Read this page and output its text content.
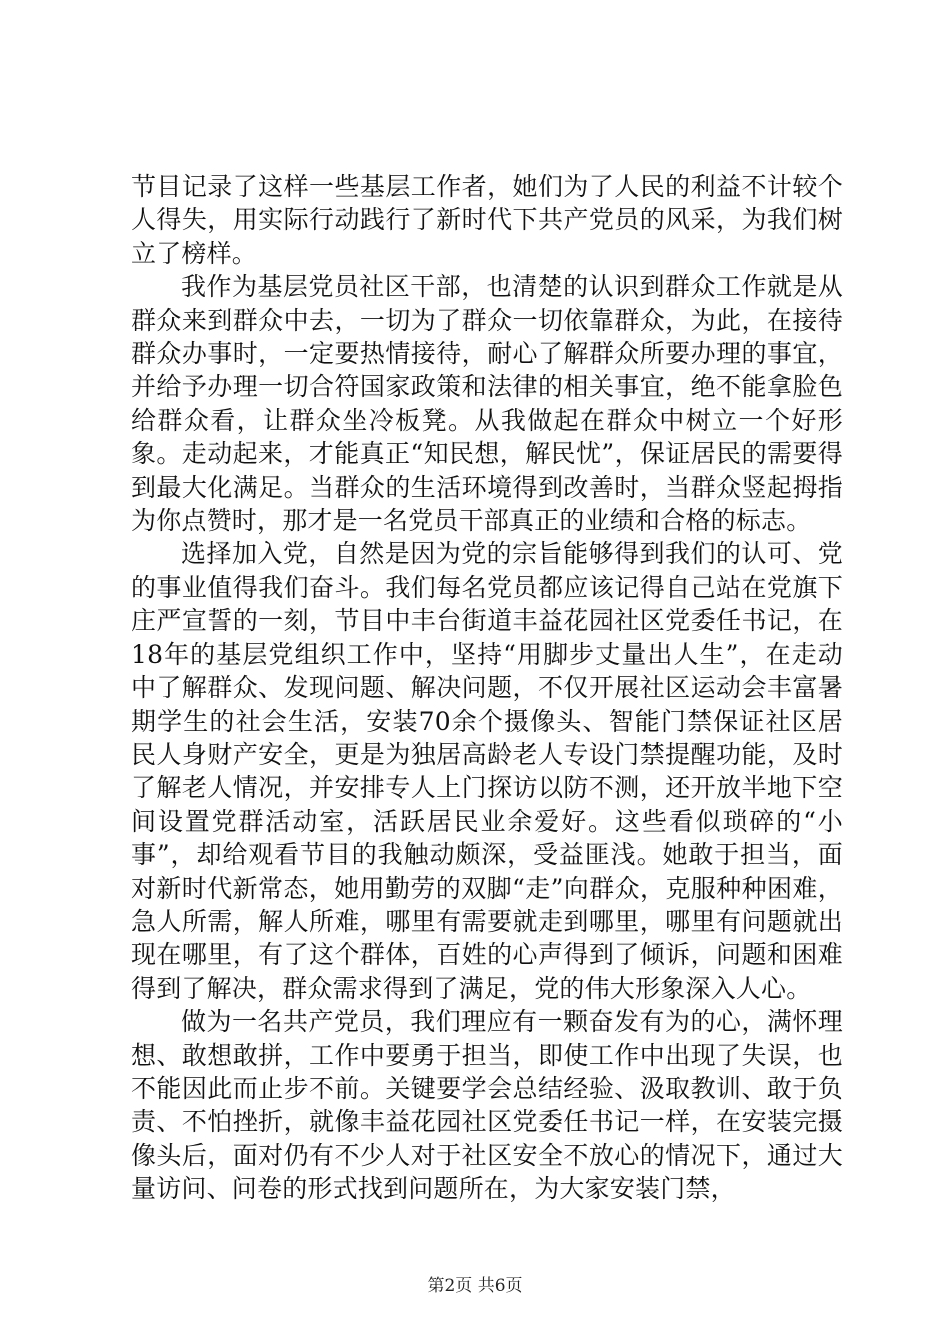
节目记录了这样一些基层工作者，她们为了人民的利益不计较个人得失，用实际行动践行了新时代下共产党员的风采，为我们树立了榜样。

我作为基层党员社区干部，也清楚的认识到群众工作就是从群众来到群众中去，一切为了群众一切依靠群众，为此，在接待群众办事时，一定要热情接待，耐心了解群众所要办理的事宜，并给予办理一切合符国家政策和法律的相关事宜，绝不能拿脸色给群众看，让群众坐冷板凳。从我做起在群众中树立一个好形象。走动起来，才能真正“知民想，解民忧”，保证居民的需要得到最大化满足。当群众的生活环境得到改善时，当群众竖起拇指为你点赞时，那才是一名党员干部真正的业绩和合格的标志。

选择加入党，自然是因为党的宗旨能够得到我们的认可、党的事业值得我们奋斗。我们每名党员都应该记得自己站在党旗下庄严宣誓的一刻，节目中丰台街道丰益花园社区党委任书记，在18年的基层党组织工作中，坚持“用脚步丈量出人生”，在走动中了解群众、发现问题、解决问题，不仅开展社区运动会丰富暑期学生的社会生活，安装70余个摄像头、智能门禁保证社区居民人身财产安全，更是为独居高龄老人专设门禁提醒功能，及时了解老人情况，并安排专人上门探访以防不测，还开放半地下空间设置党群活动室，活跃居民业余爱好。这些看似琐碎的“小事”，却给观看节目的我触动颇深，受益匪浅。她敢于担当，面对新时代新常态，她用勤劳的双脚“走”向群众，克服种种困难，急人所需，解人所难，哪里有需要就走到哪里，哪里有问题就出现在哪里，有了这个群体，百姓的心声得到了倾诉，问题和困难得到了解决，群众需求得到了满足，党的伟大形象深入人心。

做为一名共产党员，我们理应有一颗奋发有为的心，满怀理想、敢想敢拼，工作中要勇于担当，即使工作中出现了失误，也不能因此而止步不前。关键要学会总结经验、汲取教训、敢于负责、不怕挫折，就像丰益花园社区党委任书记一样，在安装完摄像头后，面对仍有不少人对于社区安全不放心的情况下，通过大量访问、问卷的形式找到问题所在，为大家安装门禁，

第2页 共6页
